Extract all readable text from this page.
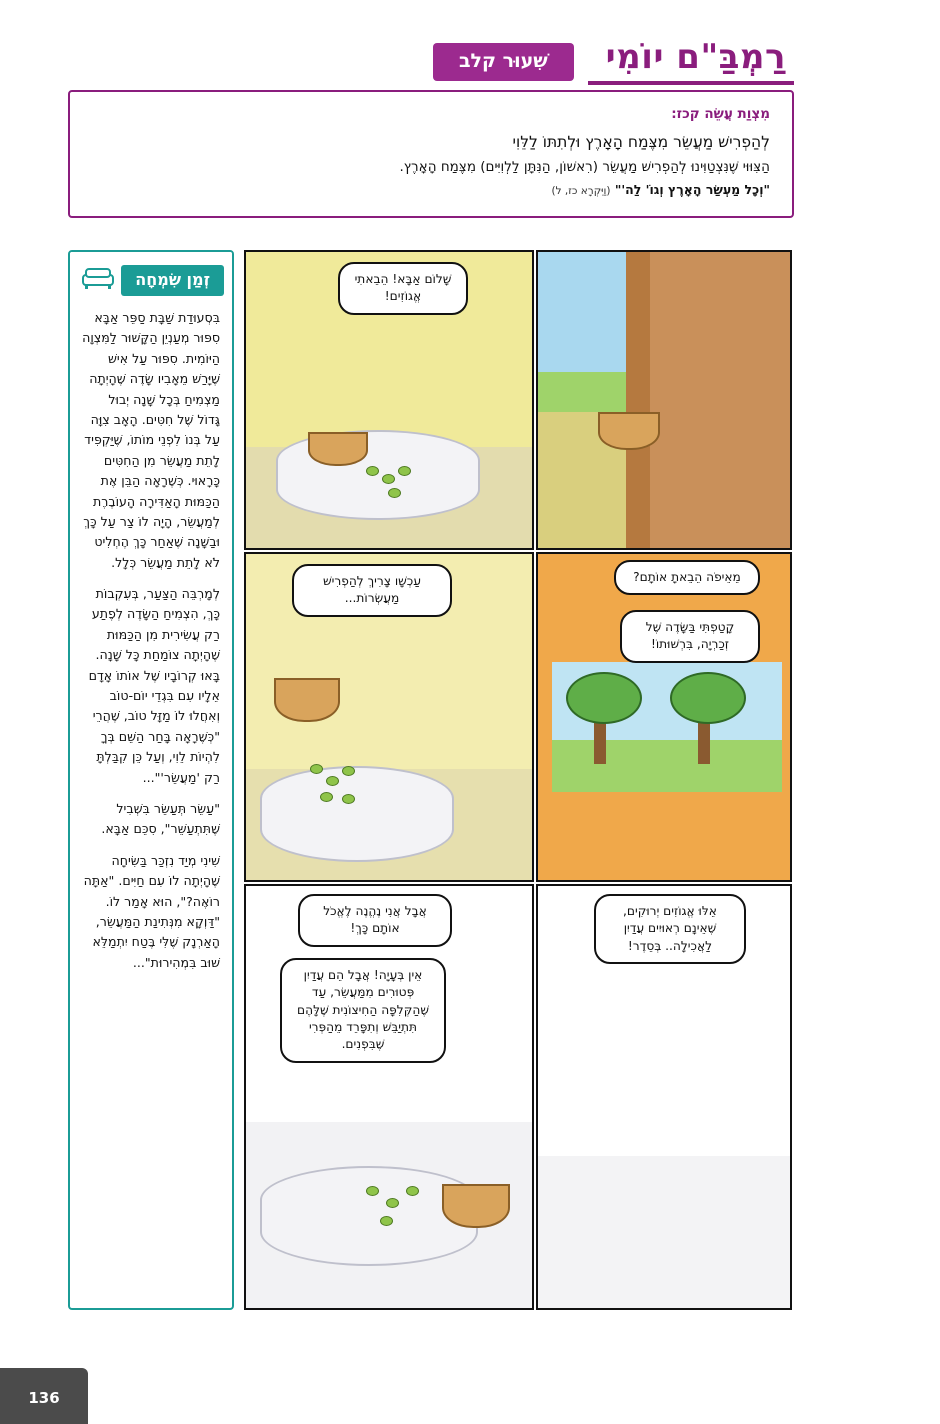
רַמְבַּ"ם יוֹמִי
שִׁעוּר קלב
מִצְוַת עֲשֵׂה קכז:
לְהַפְרִישׁ מַעֲשֵׂר מִצֶּמַח הָאָרֶץ וּלְתִתּוֹ לַלֵּוִי
הַצִּוּוּי שֶׁנִּצְטַוִּינוּ לְהַפְרִישׁ מַעֲשֵׂר (רִאשׁוֹן, הַנִּתָּן לַלְוִיִּים) מִצֶּמַח הָאָרֶץ.
"וְכָל מַעְשַׂר הָאָרֶץ וְגוֹ' לַה'" (וַיִּקְרָא כז, ל)
זְמַן שִׂמְחָה

בִּסְעוּדַת שַׁבָּת סַפֵּר אַבָּא סִפּוּר מְעַנְיֵן הַקָּשׁוּר לַמִּצְוָה הַיּוֹמִית. סִפּוּר עַל אִישׁ שֶׁיָּרַשׁ מֵאָבִיו שָׂדֶה שֶׁהָיְתָה מַצְמִיחַ בְּכָל שָׁנָה יְבוּל גָּדוֹל שֶׁל חִטִּים. הָאָב צִוָּה עַל בְּנוֹ לִפְנֵי מוֹתוֹ, שֶׁיַּקְפִּיד לָתֵת מַעֲשֵׂר מִן הַחִטִּים כָּרָאוּי. כְּשֶׁרָאָה הַבֵּן אֶת הַכַּמּוּת הָאַדִּירָה הָעוֹבֶרֶת לְמַעֲשֵׂר, הָיָה לוֹ צַר עַל כָּךְ וּבַשָּׁנָה שֶׁאַחַר כָּךְ הֶחְלִיט לֹא לָתֵת מַעֲשֵׂר כְּלָל.

לְמָרְבֵּה הַצַּעַר, בְּעִקְבוֹת כָּךְ, הִצְמִיחַ הַשָּׂדֶה לְפֶתַע רַק עֲשִׂירִית מִן הַכַּמּוּת שֶׁהָיְתָה צוֹמַחַת כָּל שָׁנָה. בָּאוּ קְרוֹבָיו שֶׁל אוֹתוֹ אָדָם אֵלָיו עִם בִּגְדֵי יוֹם-טוֹב וְאִחֲלוּ לוֹ מַזָּל טוֹב, שֶׁהֲרֵי "כְּשֶׁרָאָה בָּחַר הַשֵּׁם בְּךָ לִהְיוֹת לֵוִי, וְעַל כֵּן קִבַּלְתָּ רַק 'מַעֲשֵׂר'"...

"עַשֵּׂר תְּעַשֵּׂר בִּשְׁבִיל שֶׁתִּתְעַשֵּׁר", סִכֵּם אַבָּא.

שִׁינִי מְיַד נִזְכַּר בַּשִּׂיחָה שֶׁהָיְתָה לוֹ עִם חַיִּים. "אַתָּה רוֹאֶה?", הוּא אָמַר לוֹ. "דַּוְקָא מִנְּתִינַת הַמַּעֲשֵׂר, הָאַרְנָק שֶׁלִּי בֶּטַח יִתְמַלֵּא שׁוּב בִּמְהִירוּת"...

שָׁלוֹם אַבָּא! הֵבֵאתִי אֱגוֹזִים!
עַכְשָׁו צָרִיךְ לְהַפְרִישׁ מַעֲשְׂרוֹת...
מֵאֵיפֹה הֵבֵאתָ אוֹתָם?
קָטַפְתִּי בַּשָּׂדֶה שֶׁל זְכַרְיָה, בִּרְשׁוּתוֹ!
אֲבָל אֲנִי נֶהֱנֶה לֶאֱכֹל אוֹתָם כָּךְ!
אֵין בְּעָיָה! אֲבָל הֵם עֲדַיִן פְּטוּרִים מִמַּעֲשֵׂר, עַד שֶׁהַקְּלִפָּה הַחִיצוֹנִית שֶׁלָּהֶם תִּתְיַבֵּשׁ וְתִפָּרֵד מֵהַפְּרִי שֶׁבִּפְנִים.
אֵלּוּ אֱגוֹזִים יְרוּקִים, שֶׁאֵינָם רְאוּיִים עֲדַיִן לַאֲכִילָה.. בְּסֵדֶר!
136
